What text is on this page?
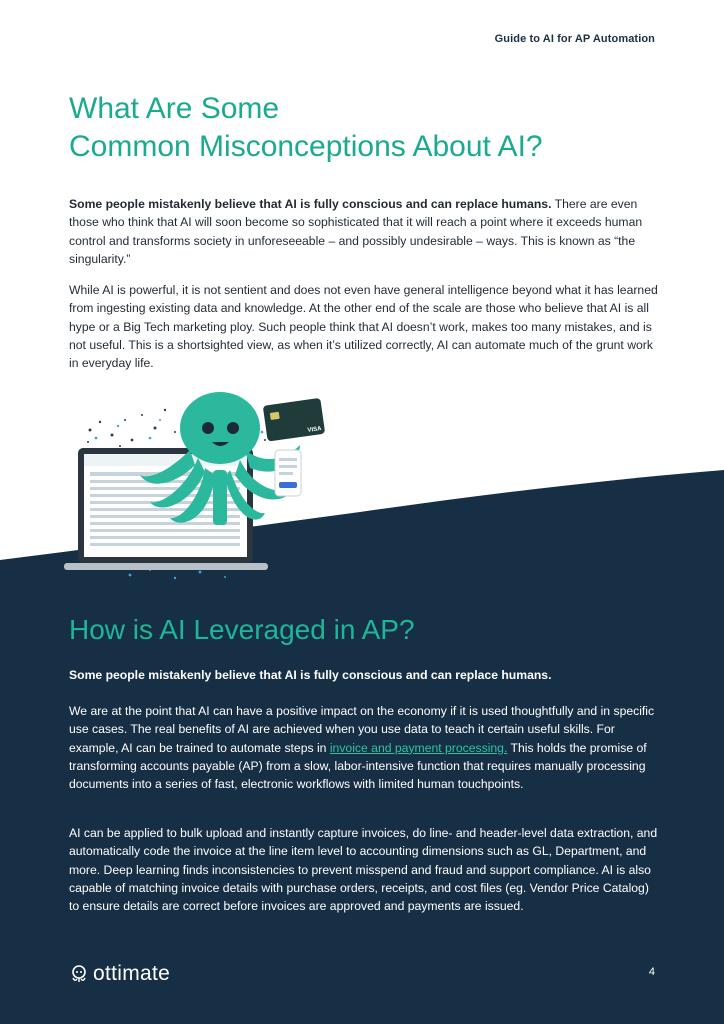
Guide to AI for AP Automation
What Are Some
Common Misconceptions About AI?

Some people mistakenly believe that AI is fully conscious and can replace humans. There are even those who think that AI will soon become so sophisticated that it will reach a point where it exceeds human control and transforms society in unforeseeable – and possibly undesirable – ways. This is known as “the singularity.”

While AI is powerful, it is not sentient and does not even have general intelligence beyond what it has learned from ingesting existing data and knowledge. At the other end of the scale are those who believe that AI is all hype or a Big Tech marketing ploy. Such people think that AI doesn’t work, makes too many mistakes, and is not useful. This is a shortsighted view, as when it’s utilized correctly, AI can automate much of the grunt work in everyday life.

VISA
How is AI Leveraged in AP?

Some people mistakenly believe that AI is fully conscious and can replace humans.

We are at the point that AI can have a positive impact on the economy if it is used thoughtfully and in specific use cases. The real benefits of AI are achieved when you use data to teach it certain useful skills. For example, AI can be trained to automate steps in invoice and payment processing. This holds the promise of transforming accounts payable (AP) from a slow, labor-intensive function that requires manually processing documents into a series of fast, electronic workflows with limited human touchpoints.

AI can be applied to bulk upload and instantly capture invoices, do line- and header-level data extraction, and automatically code the invoice at the line item level to accounting dimensions such as GL, Department, and more. Deep learning finds inconsistencies to prevent misspend and fraud and support compliance. AI is also capable of matching invoice details with purchase orders, receipts, and cost files (eg. Vendor Price Catalog) to ensure details are correct before invoices are approved and payments are issued.

ottimate	4
